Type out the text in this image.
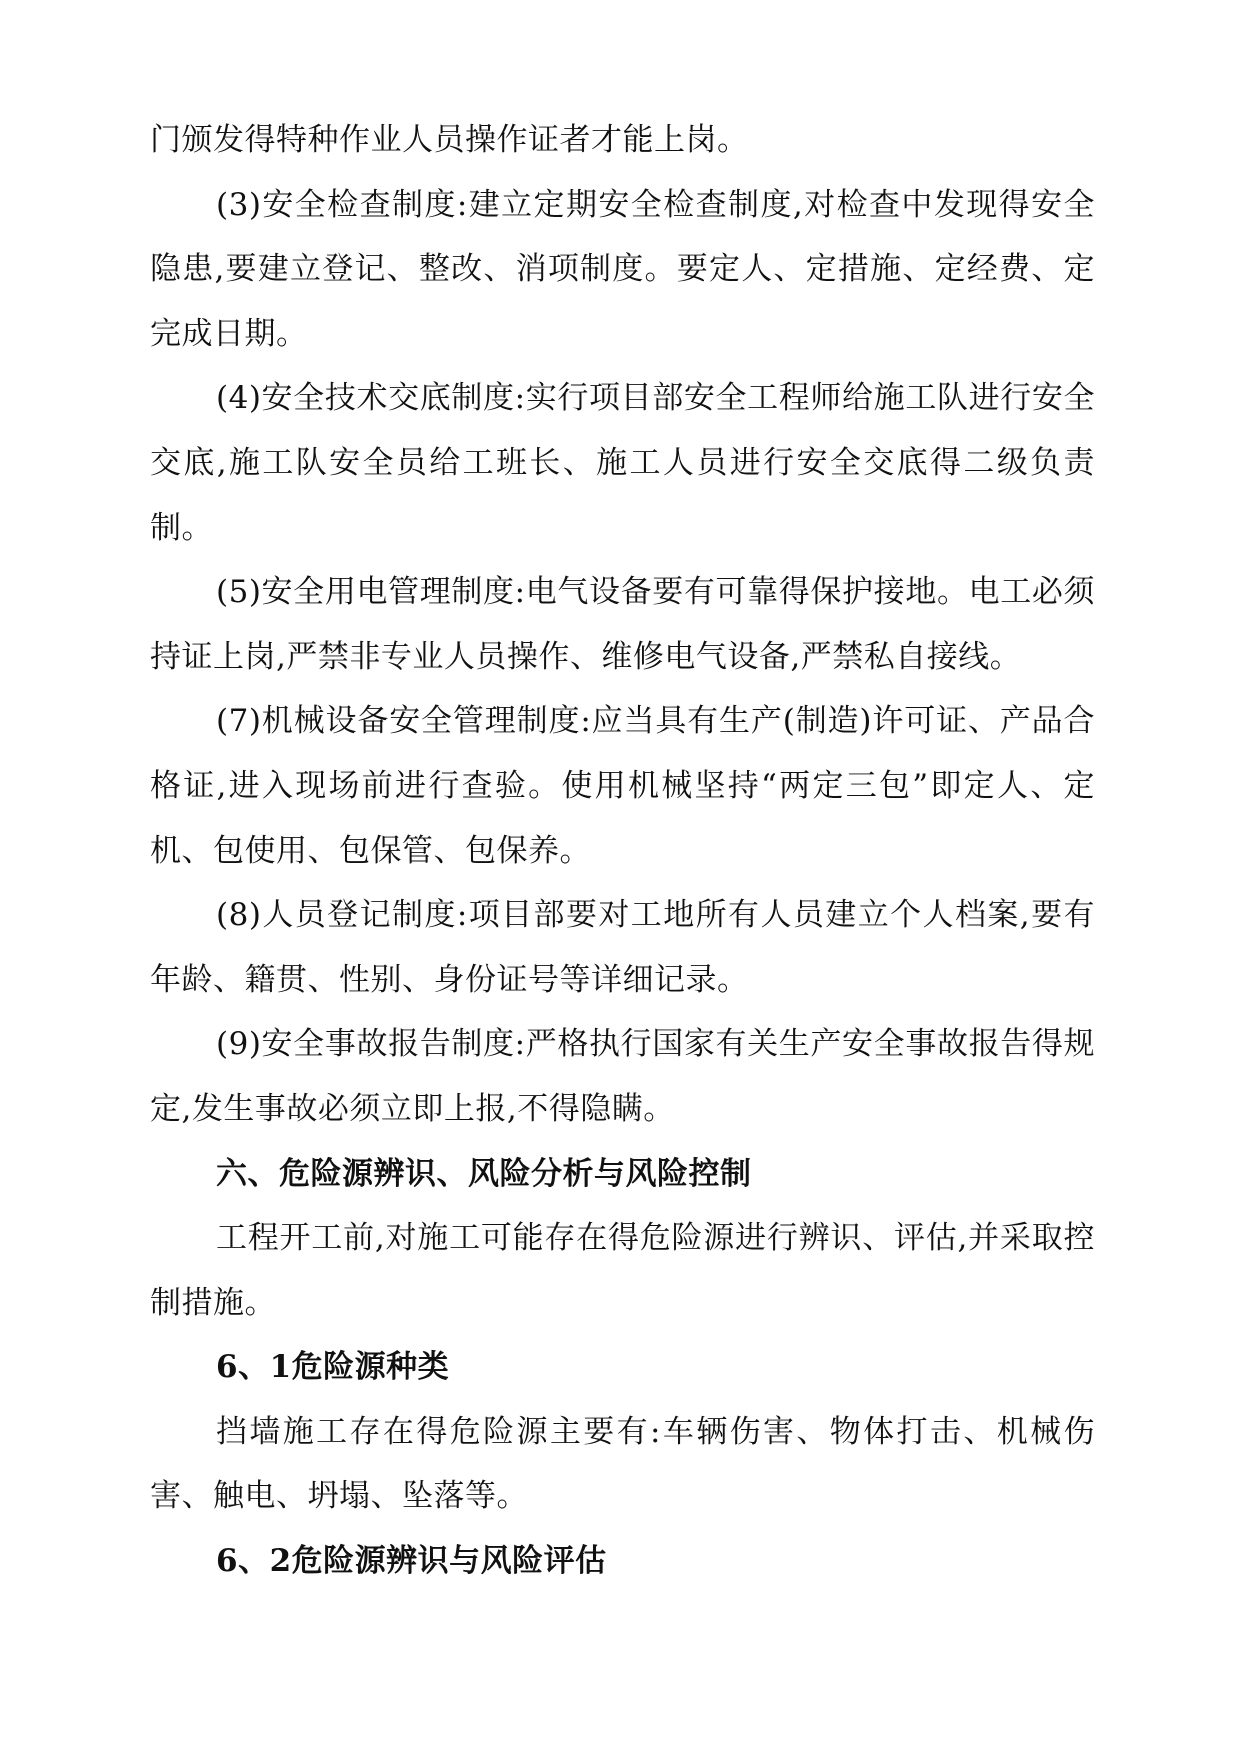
门颁发得特种作业人员操作证者才能上岗。

(3)安全检查制度:建立定期安全检查制度,对检查中发现得安全隐患,要建立登记、整改、消项制度。要定人、定措施、定经费、定完成日期。

(4)安全技术交底制度:实行项目部安全工程师给施工队进行安全交底,施工队安全员给工班长、施工人员进行安全交底得二级负责制。

(5)安全用电管理制度:电气设备要有可靠得保护接地。电工必须持证上岗,严禁非专业人员操作、维修电气设备,严禁私自接线。

(7)机械设备安全管理制度:应当具有生产(制造)许可证、产品合格证,进入现场前进行查验。使用机械坚持“两定三包”即定人、定机、包使用、包保管、包保养。

(8)人员登记制度:项目部要对工地所有人员建立个人档案,要有年龄、籍贯、性别、身份证号等详细记录。

(9)安全事故报告制度:严格执行国家有关生产安全事故报告得规定,发生事故必须立即上报,不得隐瞒。

六、危险源辨识、风险分析与风险控制

工程开工前,对施工可能存在得危险源进行辨识、评估,并采取控制措施。

6、1危险源种类

挡墙施工存在得危险源主要有:车辆伤害、物体打击、机械伤害、触电、坍塌、坠落等。

6、2危险源辨识与风险评估
